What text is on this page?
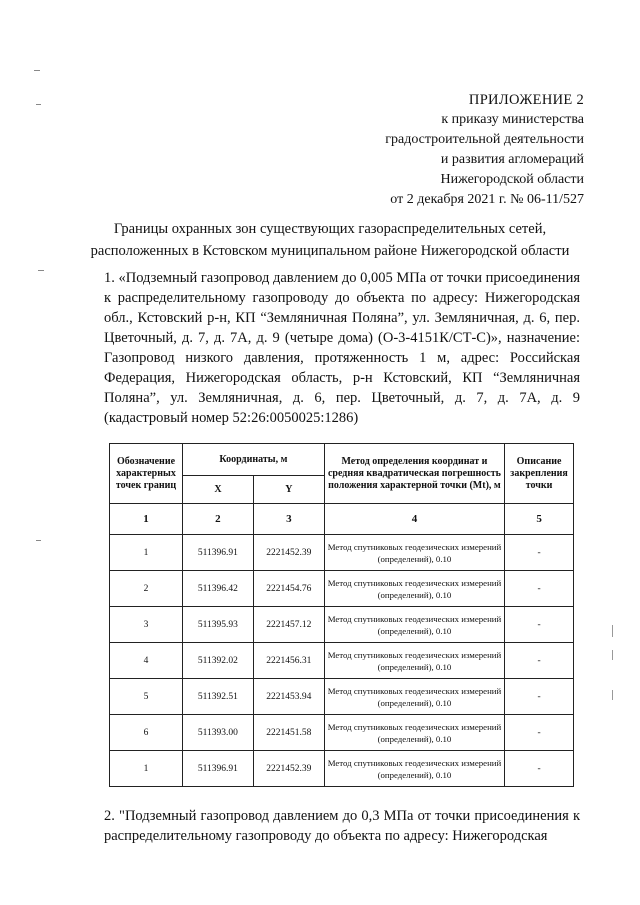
ПРИЛОЖЕНИЕ 2
к приказу министерства
градостроительной деятельности
и развития агломераций
Нижегородской области
от 2 декабря 2021 г. № 06-11/527
Границы охранных зон существующих газораспределительных сетей,
расположенных в Кстовском муниципальном районе Нижегородской области
1. «Подземный газопровод давлением до 0,005 МПа от точки присоединения к распределительному газопроводу до объекта по адресу: Нижегородская обл., Кстовский р-н, КП “Земляничная Поляна”, ул. Земляничная, д. 6, пер. Цветочный, д. 7, д. 7А, д. 9 (четыре дома) (О-3-4151К/СТ-С)», назначение: Газопровод низкого давления, протяженность 1 м, адрес: Российская Федерация, Нижегородская область, р-н Кстовский, КП “Земляничная Поляна”, ул. Земляничная, д. 6, пер. Цветочный, д. 7, д. 7А, д. 9 (кадастровый номер 52:26:0050025:1286)
Обозначение характерных точек границ	Координаты, м		Метод определения координат и средняя квадратическая погрешность положения характерной точки (Mt), м	Описание закрепления точки
	X	Y		
1	2	3	4	5
1	511396.91	2221452.39	Метод спутниковых геодезических измерений (определений), 0.10	-
2	511396.42	2221454.76	Метод спутниковых геодезических измерений (определений), 0.10	-
3	511395.93	2221457.12	Метод спутниковых геодезических измерений (определений), 0.10	-
4	511392.02	2221456.31	Метод спутниковых геодезических измерений (определений), 0.10	-
5	511392.51	2221453.94	Метод спутниковых геодезических измерений (определений), 0.10	-
6	511393.00	2221451.58	Метод спутниковых геодезических измерений (определений), 0.10	-
1	511396.91	2221452.39	Метод спутниковых геодезических измерений (определений), 0.10	-
2. "Подземный газопровод давлением до 0,3 МПа от точки присоединения к распределительному газопроводу до объекта по адресу: Нижегородская
